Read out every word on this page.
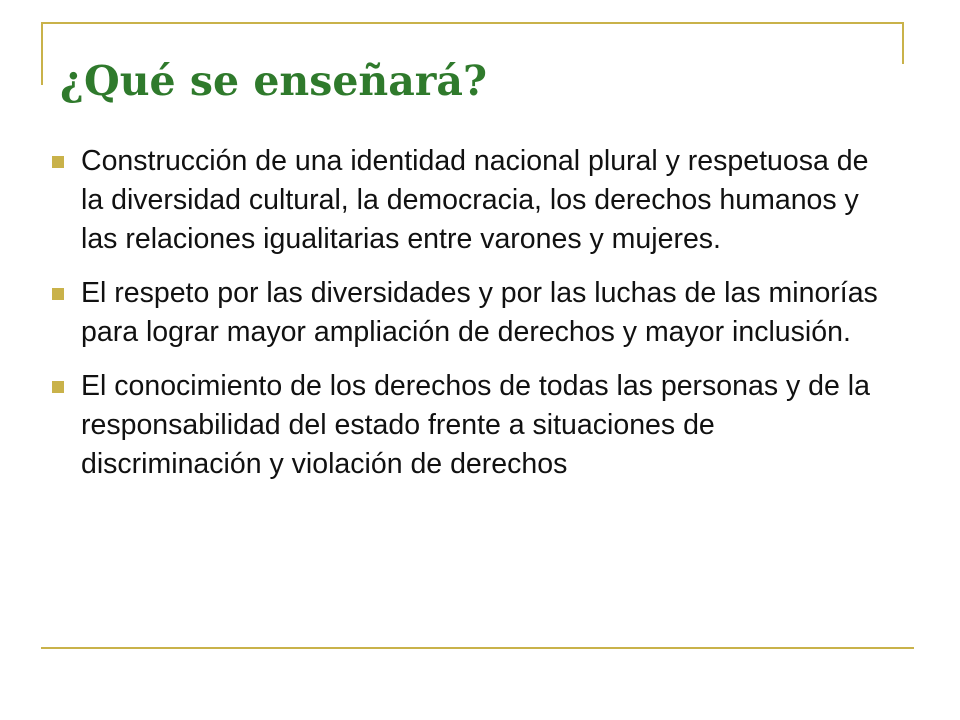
¿Qué se enseñará?
Construcción de una identidad nacional plural y respetuosa de la diversidad cultural, la democracia, los derechos humanos y las relaciones igualitarias entre varones y mujeres.
El respeto por las diversidades y por las luchas de las minorías para lograr mayor ampliación de derechos y mayor inclusión.
El conocimiento de los derechos de todas las personas y de la responsabilidad del estado frente a situaciones de discriminación y violación de derechos
